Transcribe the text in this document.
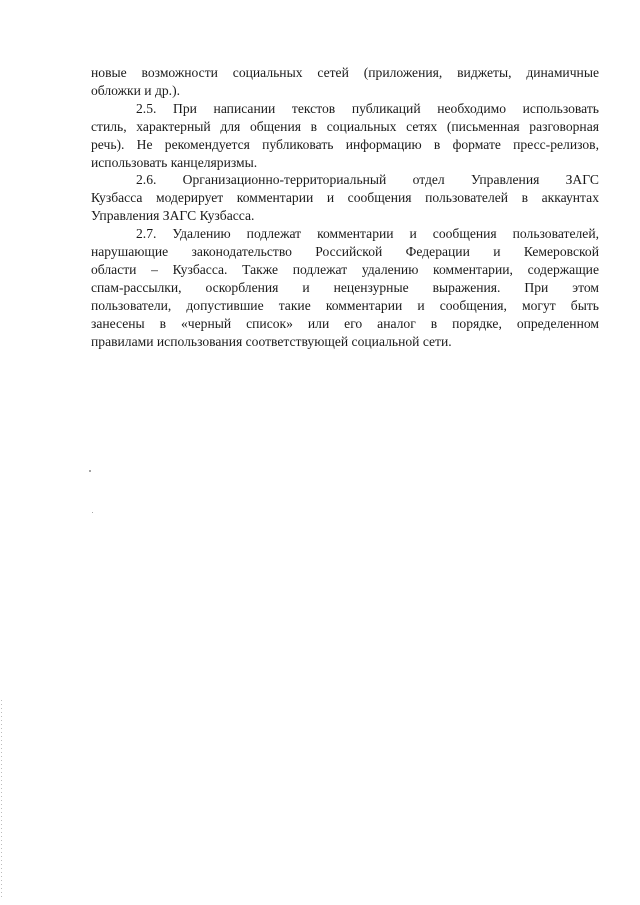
новые возможности социальных сетей (приложения, виджеты, динамичные
обложки и др.).
2.5. При написании текстов публикаций необходимо использовать
стиль, характерный для общения в социальных сетях (письменная разговорная
речь). Не рекомендуется публиковать информацию в формате пресс-релизов,
использовать канцеляризмы.
2.6. Организационно-территориальный отдел Управления ЗАГС
Кузбасса модерирует комментарии и сообщения пользователей в аккаунтах
Управления ЗАГС Кузбасса.
2.7. Удалению подлежат комментарии и сообщения пользователей,
нарушающие законодательство Российской Федерации и Кемеровской
области – Кузбасса. Также подлежат удалению комментарии, содержащие
спам-рассылки, оскорбления и нецензурные выражения. При этом
пользователи, допустившие такие комментарии и сообщения, могут быть
занесены в «черный список» или его аналог в порядке, определенном
правилами использования соответствующей социальной сети.
